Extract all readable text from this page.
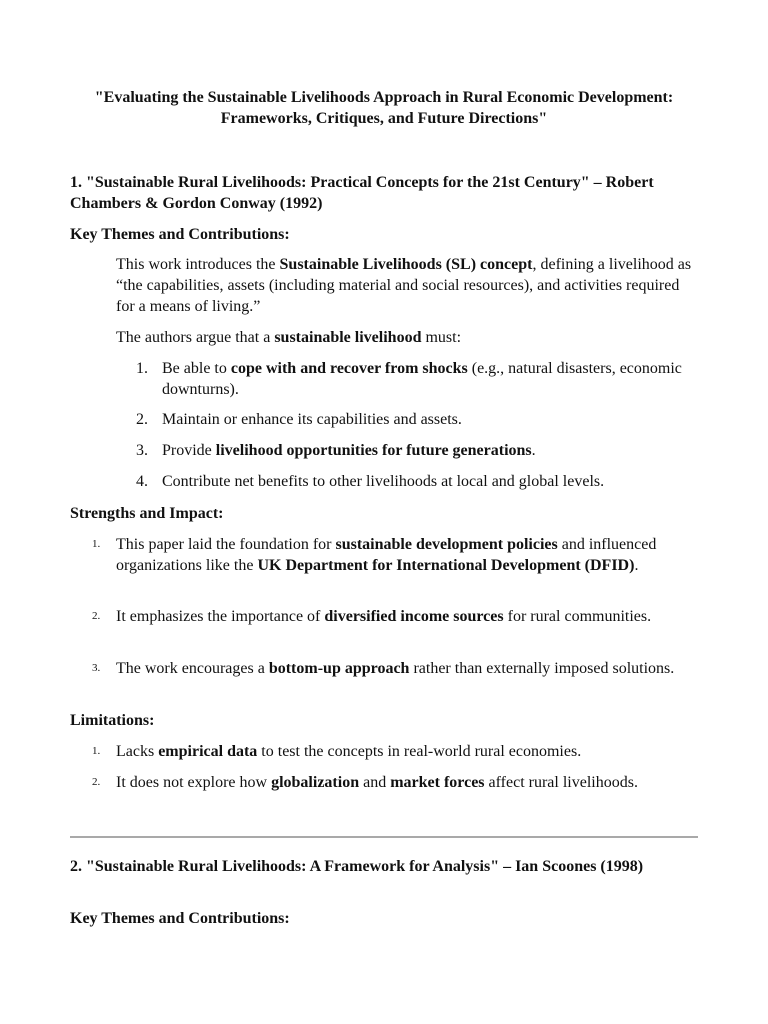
"Evaluating the Sustainable Livelihoods Approach in Rural Economic Development: Frameworks, Critiques, and Future Directions"
1. "Sustainable Rural Livelihoods: Practical Concepts for the 21st Century" – Robert Chambers & Gordon Conway (1992)
Key Themes and Contributions:
This work introduces the Sustainable Livelihoods (SL) concept, defining a livelihood as “the capabilities, assets (including material and social resources), and activities required for a means of living.”
The authors argue that a sustainable livelihood must:
1. Be able to cope with and recover from shocks (e.g., natural disasters, economic downturns).
2. Maintain or enhance its capabilities and assets.
3. Provide livelihood opportunities for future generations.
4. Contribute net benefits to other livelihoods at local and global levels.
Strengths and Impact:
1. This paper laid the foundation for sustainable development policies and influenced organizations like the UK Department for International Development (DFID).
2. It emphasizes the importance of diversified income sources for rural communities.
3. The work encourages a bottom-up approach rather than externally imposed solutions.
Limitations:
1. Lacks empirical data to test the concepts in real-world rural economies.
2. It does not explore how globalization and market forces affect rural livelihoods.
2. "Sustainable Rural Livelihoods: A Framework for Analysis" – Ian Scoones (1998)
Key Themes and Contributions:
